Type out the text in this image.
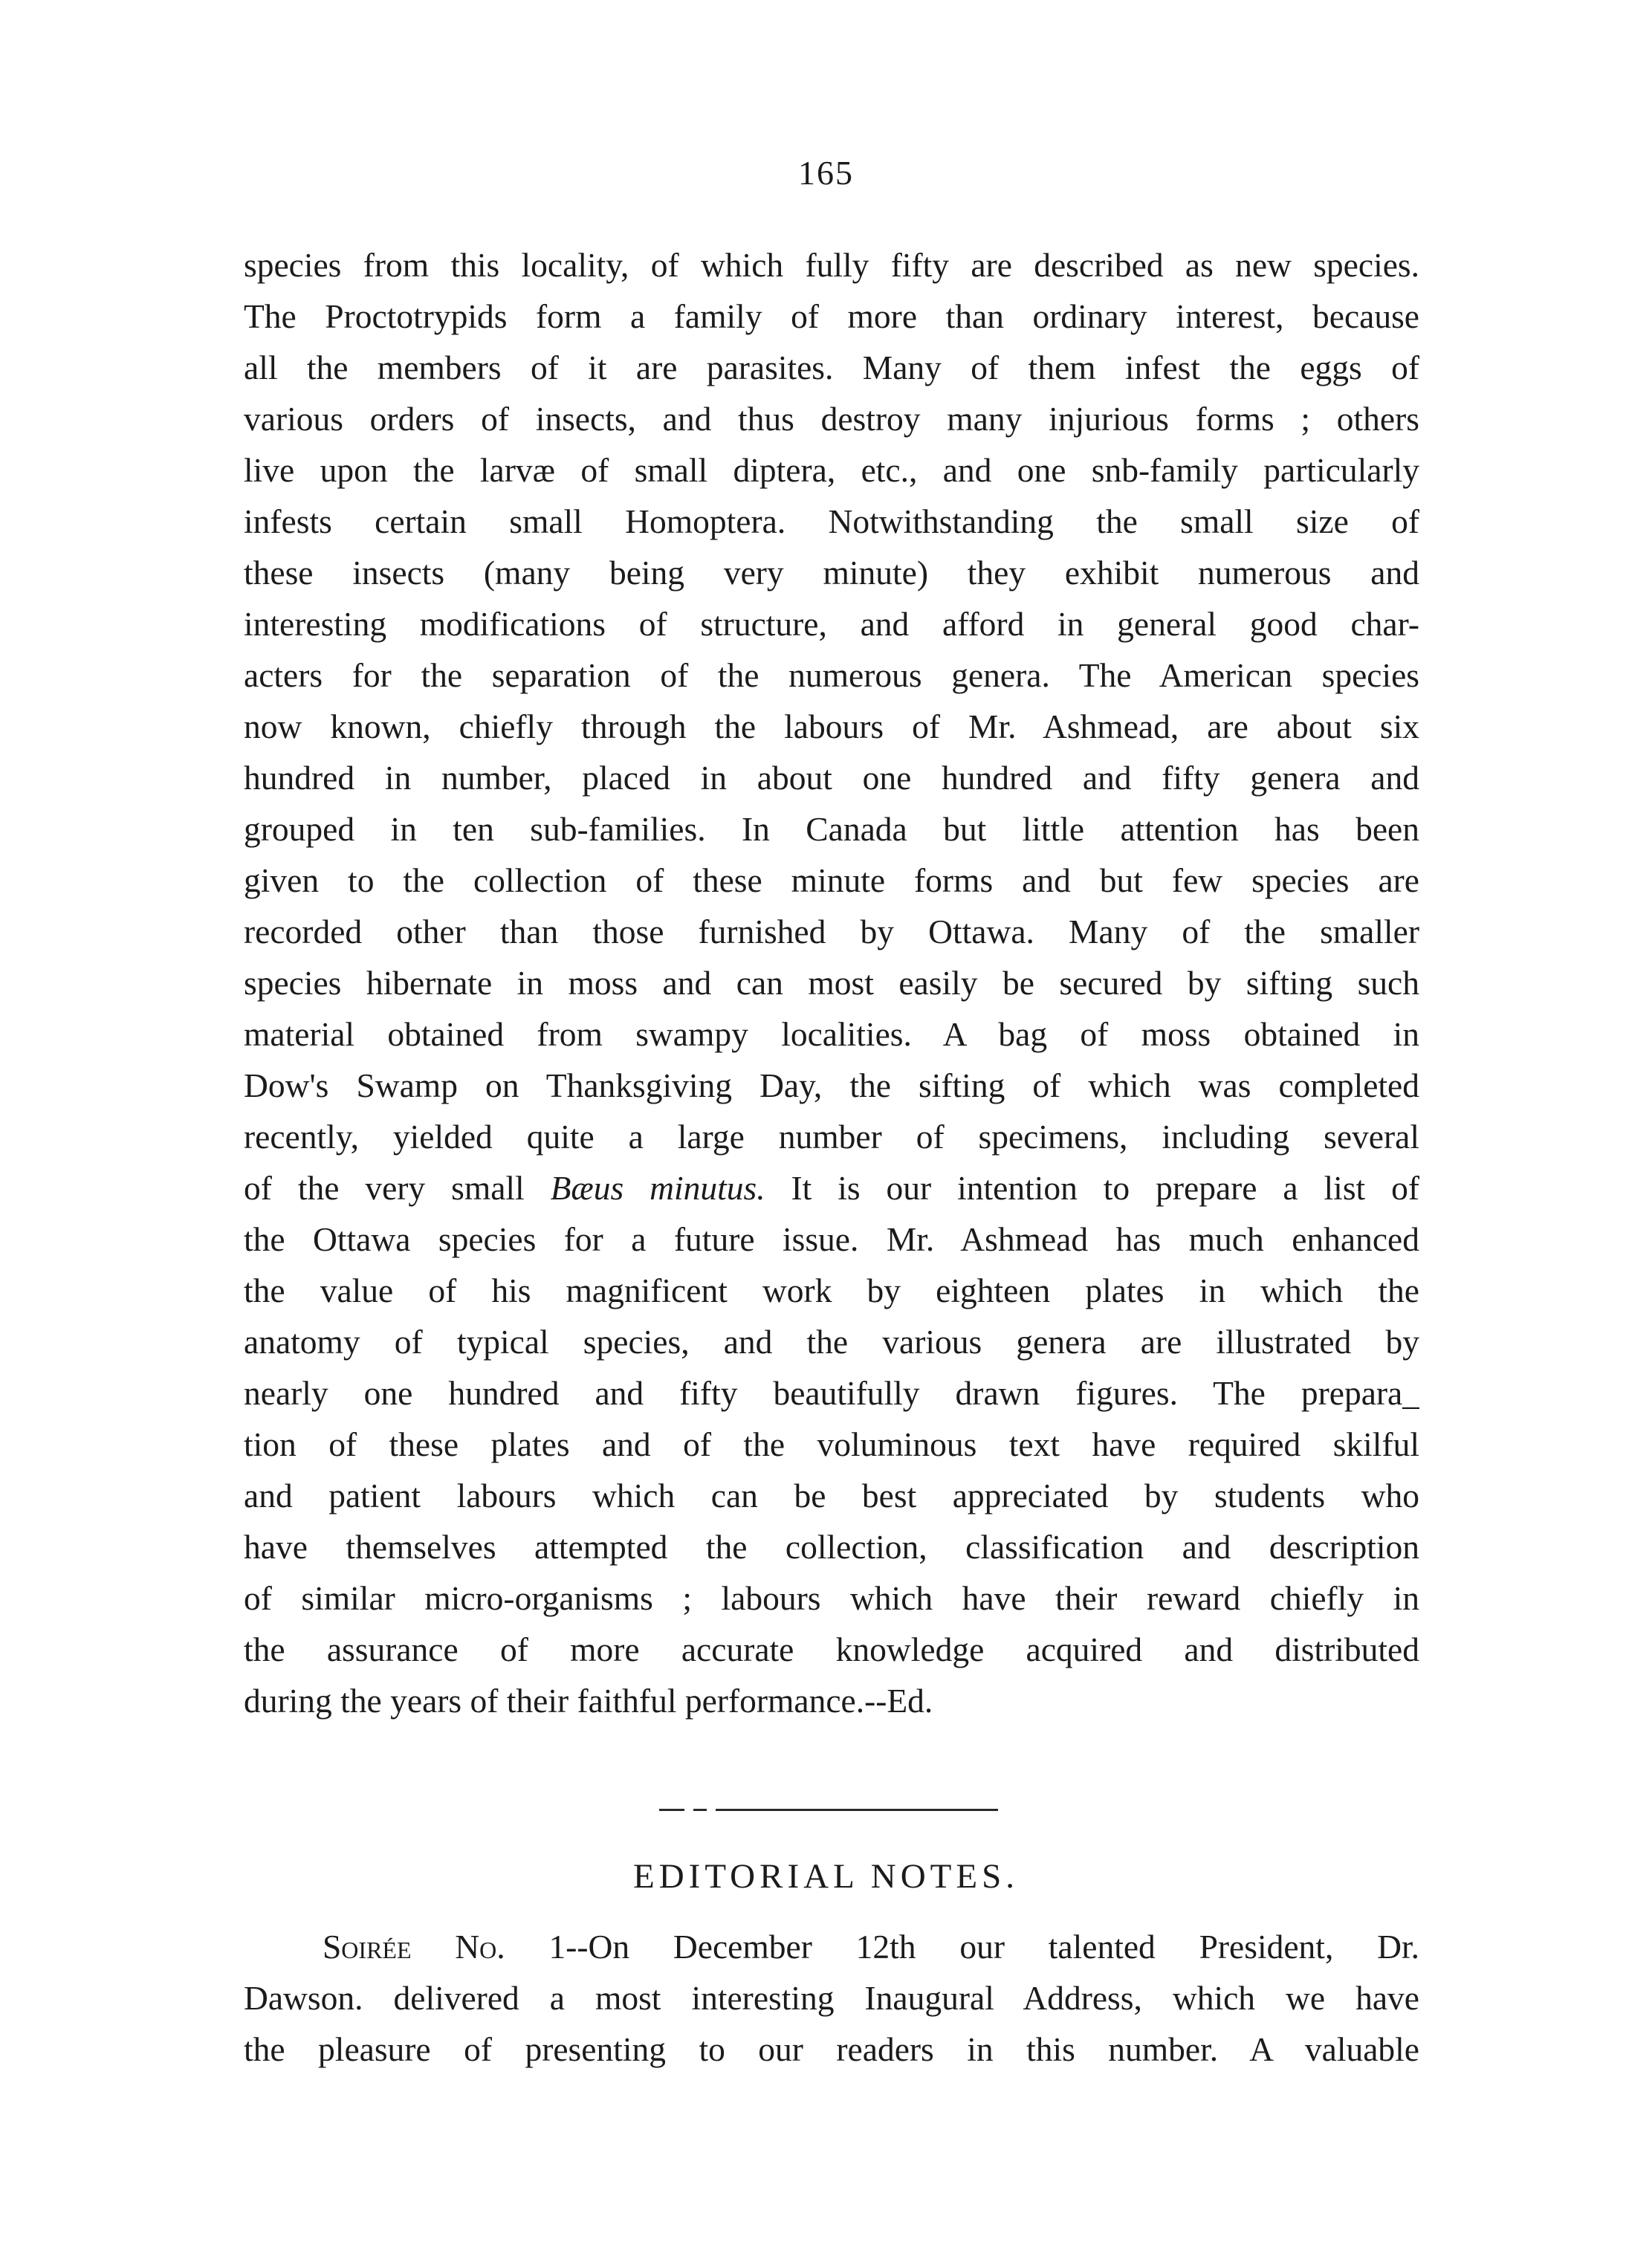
165
species from this locality, of which fully fifty are described as new species.
The Proctotrypids form a family of more than ordinary interest, because
all the members of it are parasites. Many of them infest the eggs of
various orders of insects, and thus destroy many injurious forms ; others
live upon the larvæ of small diptera, etc., and one snb-family particularly
infests certain small Homoptera. Notwithstanding the small size of
these insects (many being very minute) they exhibit numerous and
interesting modifications of structure, and afford in general good char-
acters for the separation of the numerous genera. The American species
now known, chiefly through the labours of Mr. Ashmead, are about six
hundred in number, placed in about one hundred and fifty genera and
grouped in ten sub-families. In Canada but little attention has been
given to the collection of these minute forms and but few species are
recorded other than those furnished by Ottawa. Many of the smaller
species hibernate in moss and can most easily be secured by sifting such
material obtained from swampy localities. A bag of moss obtained in
Dow's Swamp on Thanksgiving Day, the sifting of which was completed
recently, yielded quite a large number of specimens, including several
of the very small Bæus minutus. It is our intention to prepare a list of
the Ottawa species for a future issue. Mr. Ashmead has much enhanced
the value of his magnificent work by eighteen plates in which the
anatomy of typical species, and the various genera are illustrated by
nearly one hundred and fifty beautifully drawn figures. The prepara_
tion of these plates and of the voluminous text have required skilful
and patient labours which can be best appreciated by students who
have themselves attempted the collection, classification and description
of similar micro-organisms ; labours which have their reward chiefly in
the assurance of more accurate knowledge acquired and distributed
during the years of their faithful performance.--Ed.
EDITORIAL NOTES.
Soirée No. 1--On December 12th our talented President, Dr.
Dawson. delivered a most interesting Inaugural Address, which we have
the pleasure of presenting to our readers in this number. A valuable
